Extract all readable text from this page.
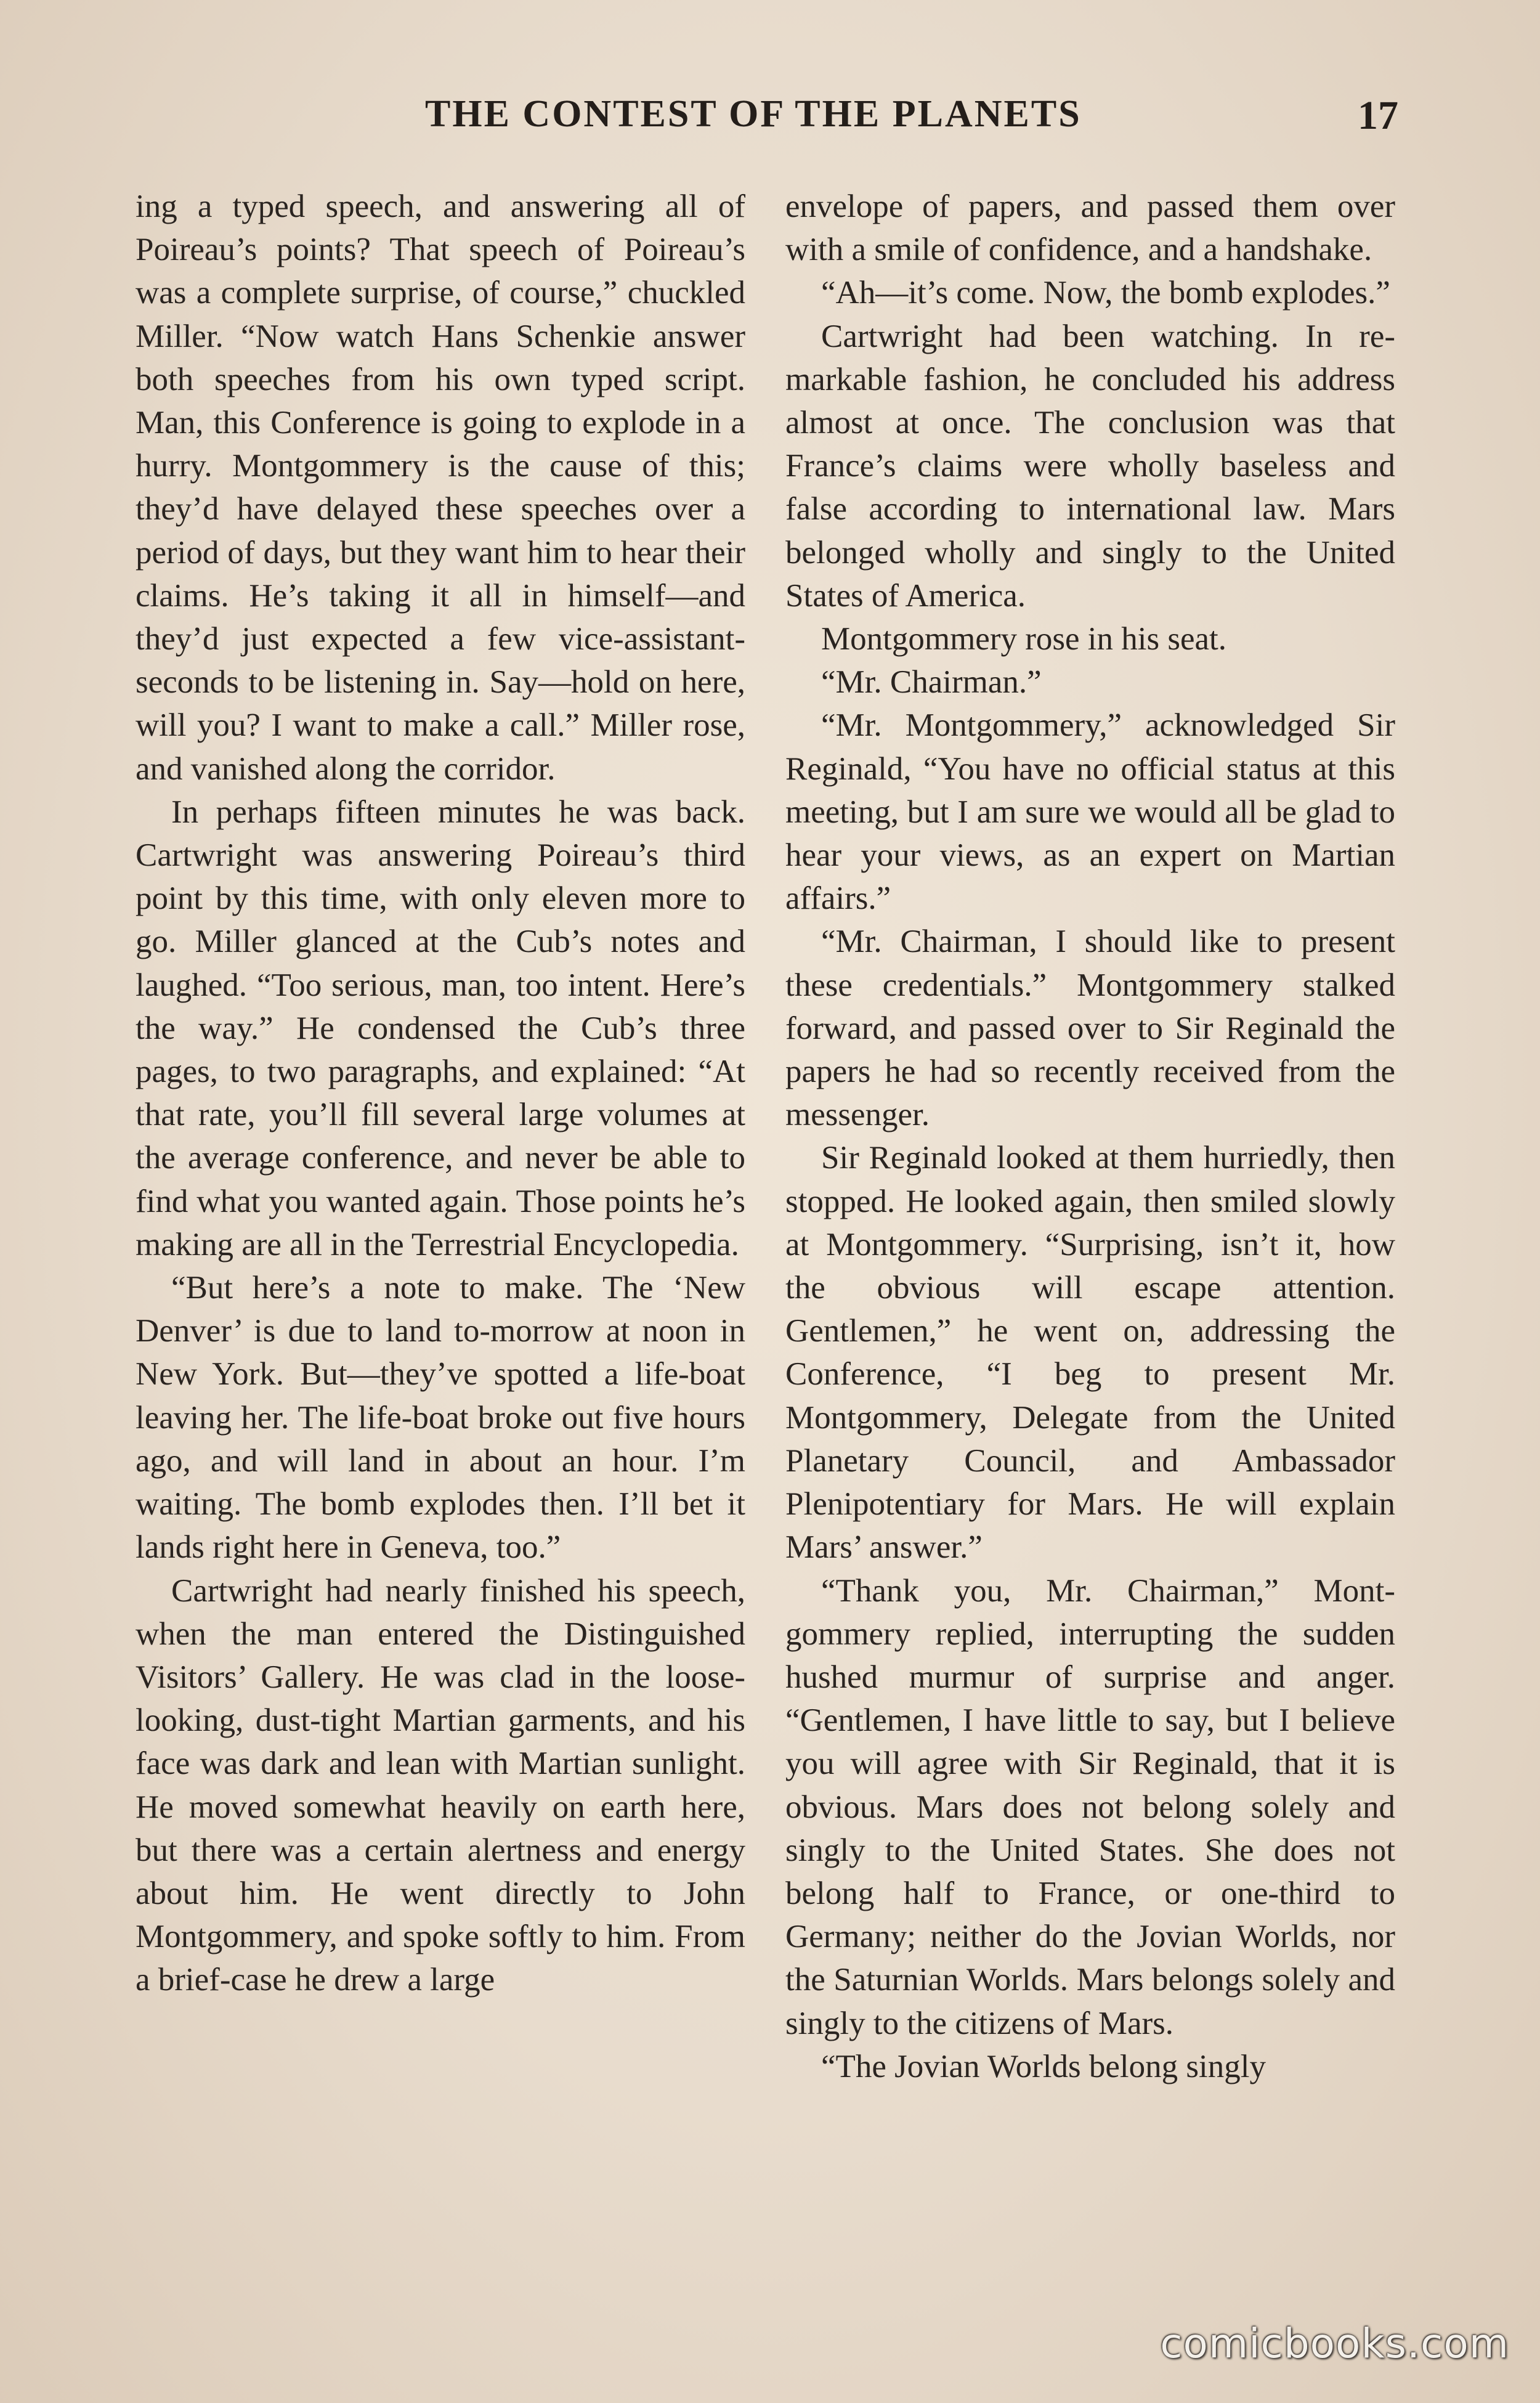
THE CONTEST OF THE PLANETS	17

ing a typed speech, and answering all of Poireau’s points? That speech of Poireau’s was a complete surprise, of course,” chuckled Miller. “Now watch Hans Schenkie answer both speeches from his own typed script. Man, this Conference is going to explode in a hurry. Montgommery is the cause of this; they’d have delayed these speeches over a period of days, but they want him to hear their claims. He’s taking it all in himself—and they’d just expected a few vice-assistant-seconds to be listening in. Say—hold on here, will you? I want to make a call.” Miller rose, and vanished along the corridor.

In perhaps fifteen minutes he was back. Cartwright was answering Poireau’s third point by this time, with only eleven more to go. Miller glanced at the Cub’s notes and laughed. “Too serious, man, too intent. Here’s the way.” He condensed the Cub’s three pages, to two paragraphs, and explained: “At that rate, you’ll fill several large volumes at the average conference, and never be able to find what you wanted again. Those points he’s making are all in the Terrestrial Encyclopedia.

“But here’s a note to make. The ‘New Denver’ is due to land to-morrow at noon in New York. But—they’ve spotted a life-boat leaving her. The life-boat broke out five hours ago, and will land in about an hour. I’m waiting. The bomb explodes then. I’ll bet it lands right here in Geneva, too.”

Cartwright had nearly finished his speech, when the man entered the Distinguished Visitors’ Gallery. He was clad in the loose-looking, dust-tight Martian garments, and his face was dark and lean with Martian sunlight. He moved somewhat heavily on earth here, but there was a certain alertness and energy about him. He went directly to John Montgommery, and spoke softly to him. From a brief-case he drew a large

envelope of papers, and passed them over with a smile of confidence, and a handshake.

“Ah—it’s come. Now, the bomb explodes.”

Cartwright had been watching. In remarkable fashion, he concluded his address almost at once. The conclusion was that France’s claims were wholly baseless and false according to international law. Mars belonged wholly and singly to the United States of America.

Montgommery rose in his seat.

“Mr. Chairman.”

“Mr. Montgommery,” acknowledged Sir Reginald, “You have no official status at this meeting, but I am sure we would all be glad to hear your views, as an expert on Martian affairs.”

“Mr. Chairman, I should like to present these credentials.” Montgommery stalked forward, and passed over to Sir Reginald the papers he had so recently received from the messenger.

Sir Reginald looked at them hurriedly, then stopped. He looked again, then smiled slowly at Montgommery. “Surprising, isn’t it, how the obvious will escape attention. Gentlemen,” he went on, addressing the Conference, “I beg to present Mr. Montgommery, Delegate from the United Planetary Council, and Ambassador Plenipotentiary for Mars. He will explain Mars’ answer.”

“Thank you, Mr. Chairman,” Montgommery replied, interrupting the sudden hushed murmur of surprise and anger. “Gentlemen, I have little to say, but I believe you will agree with Sir Reginald, that it is obvious. Mars does not belong solely and singly to the United States. She does not belong half to France, or one-third to Germany; neither do the Jovian Worlds, nor the Saturnian Worlds. Mars belongs solely and singly to the citizens of Mars.

“The Jovian Worlds belong singly

comicbooks.com
